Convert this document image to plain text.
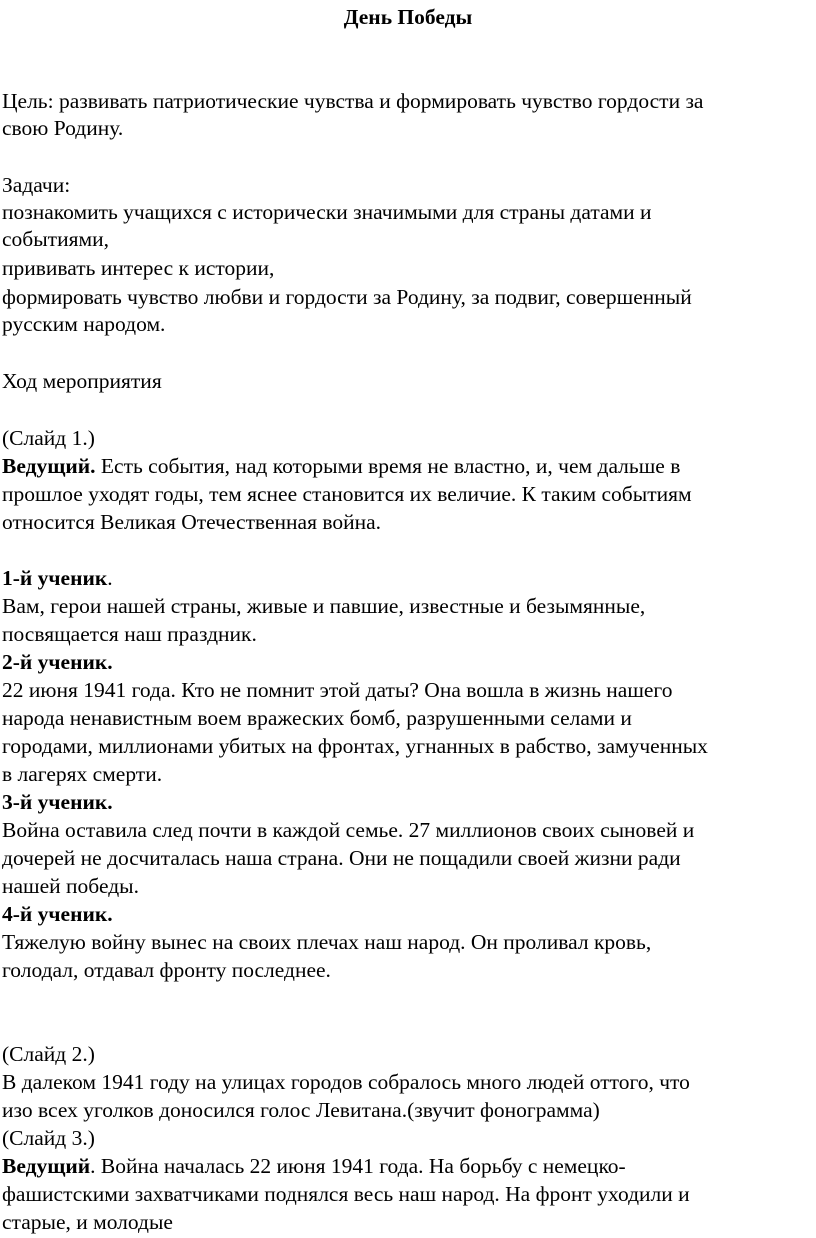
День Победы
Цель: развивать патриотические чувства и формировать чувство гордости за
свою Родину.
Задачи:
познакомить учащихся с исторически значимыми для страны датами и
событиями,
прививать интерес к истории,
формировать чувство любви и гордости за Родину, за подвиг, совершенный
русским народом.
Ход мероприятия
(Слайд 1.)
Ведущий. Есть события, над которыми время не властно, и, чем дальше в
прошлое уходят годы, тем яснее становится их величие. К таким событиям
относится Великая Отечественная война.
1-й ученик.
Вам, герои нашей страны, живые и павшие, известные и безымянные,
посвящается наш праздник.
2-й ученик.
22 июня 1941 года. Кто не помнит этой даты? Она вошла в жизнь нашего
народа ненавистным воем вражеских бомб, разрушенными селами и
городами, миллионами убитых на фронтах, угнанных в рабство, замученных
в лагерях смерти.
3-й ученик.
Война оставила след почти в каждой семье. 27 миллионов своих сыновей и
дочерей не досчиталась наша страна. Они не пощадили своей жизни ради
нашей победы.
4-й ученик.
Тяжелую войну вынес на своих плечах наш народ. Он проливал кровь,
голодал, отдавал фронту последнее.
(Слайд 2.)
В далеком 1941 году на улицах городов собралось много людей оттого, что
изо всех уголков доносился голос Левитана.(звучит фонограмма)
(Слайд 3.)
Ведущий. Война началась 22 июня 1941 года. На борьбу с немецко-
фашистскими захватчиками поднялся весь наш народ. На фронт уходили и
старые, и молодые
